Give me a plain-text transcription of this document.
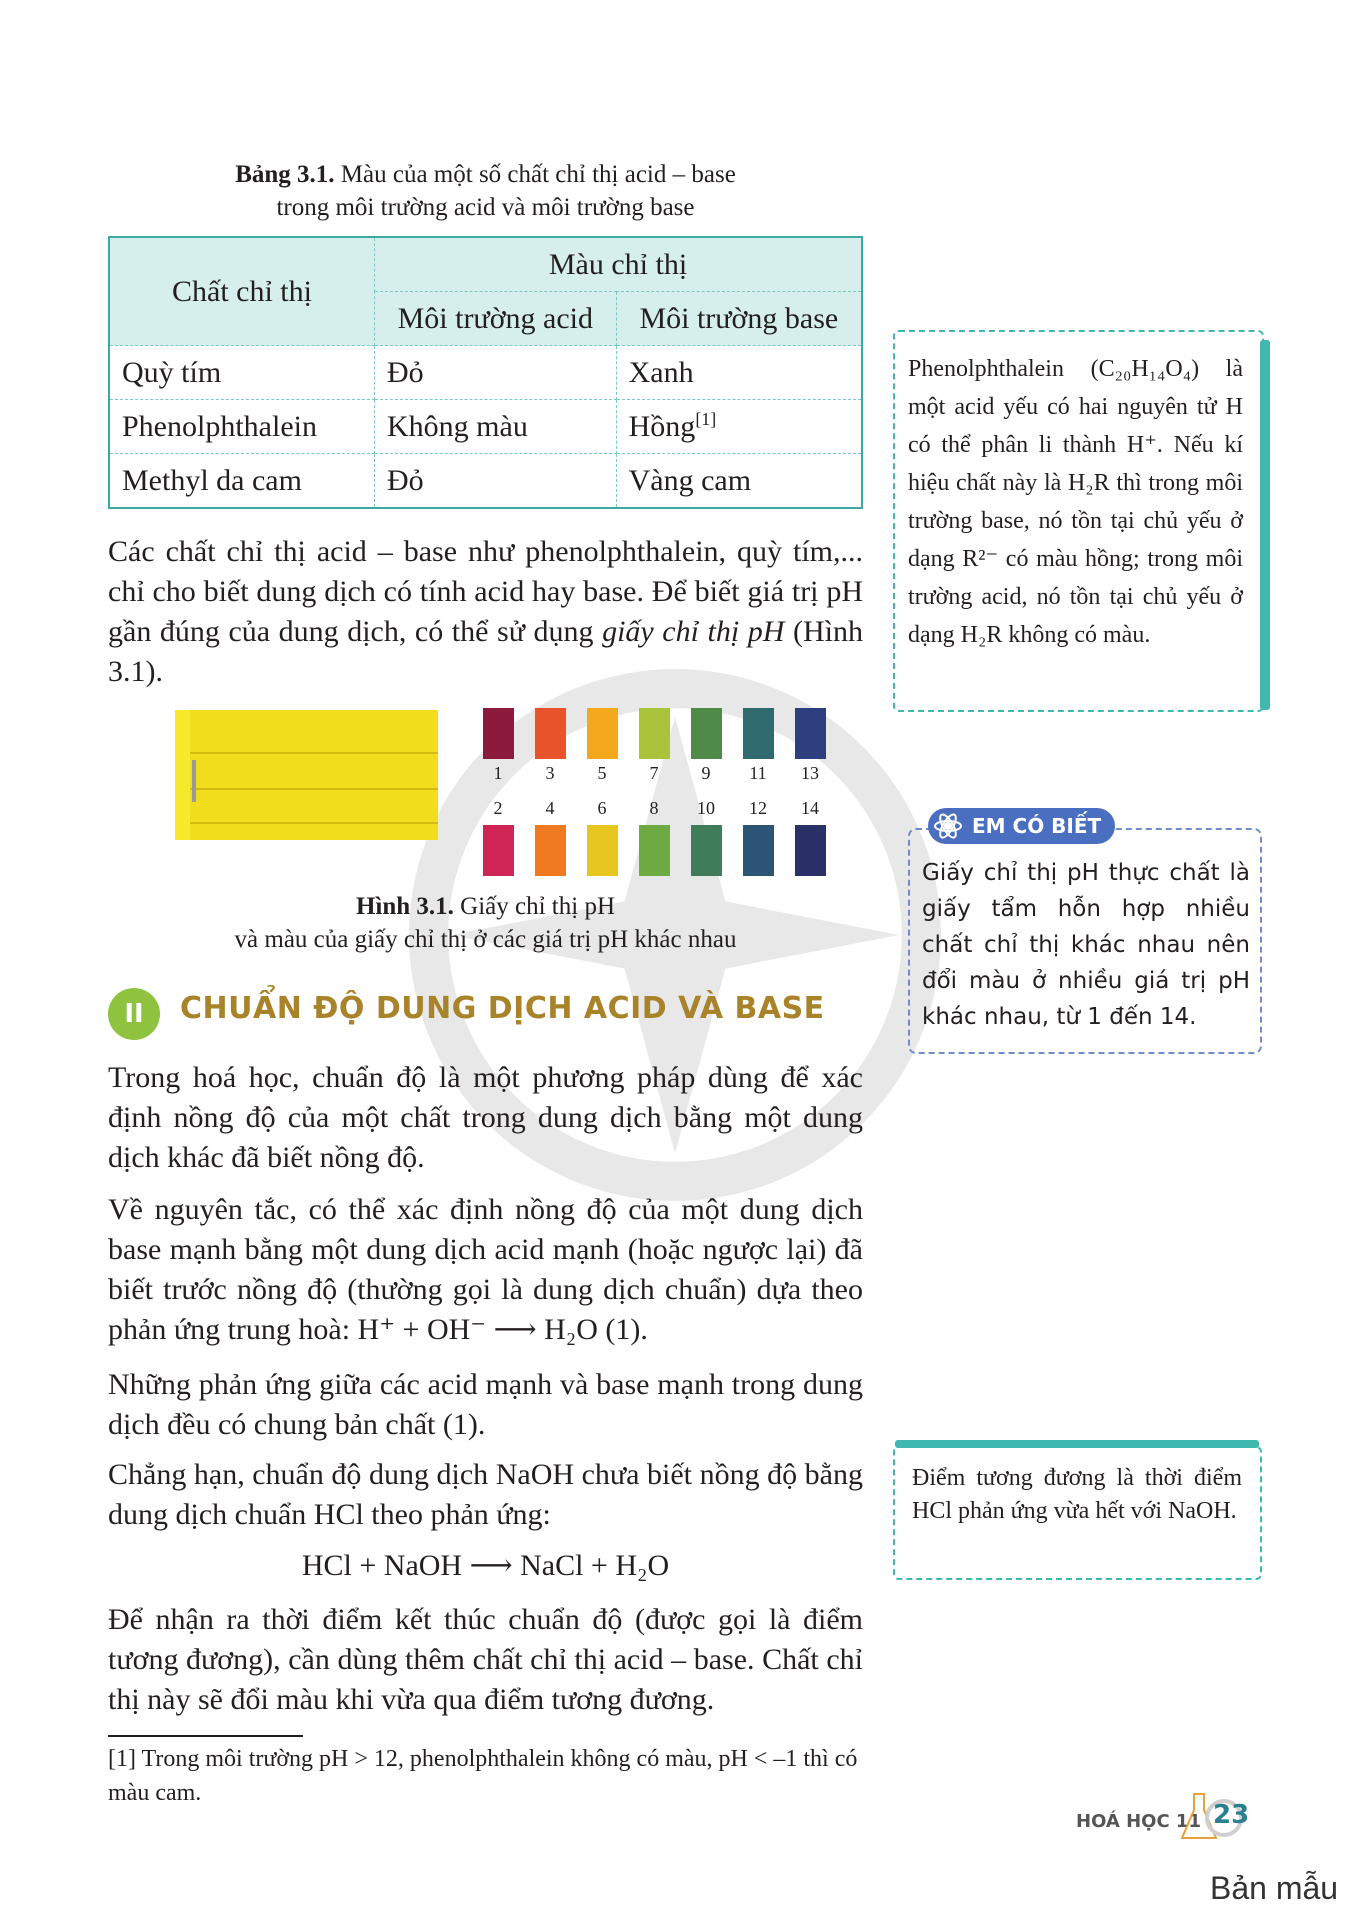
Bảng 3.1. Màu của một số chất chỉ thị acid – base
trong môi trường acid và môi trường base
Chất chỉ thị	Màu chỉ thị	
	Môi trường acid	Môi trường base
Quỳ tím	Đỏ	Xanh
Phenolphthalein	Không màu	Hồng[1]
Methyl da cam	Đỏ	Vàng cam

Các chất chỉ thị acid – base như phenolphthalein, quỳ tím,... chỉ cho biết dung dịch có tính acid hay base. Để biết giá trị pH gần đúng của dung dịch, có thể sử dụng giấy chỉ thị pH (Hình 3.1).

1	3	5	7	9	11	13
2	4	6	8	10	12	14
Hình 3.1. Giấy chỉ thị pH
và màu của giấy chỉ thị ở các giá trị pH khác nhau
II	CHUẨN ĐỘ DUNG DỊCH ACID VÀ BASE

Trong hoá học, chuẩn độ là một phương pháp dùng để xác định nồng độ của một chất trong dung dịch bằng một dung dịch khác đã biết nồng độ.

Về nguyên tắc, có thể xác định nồng độ của một dung dịch base mạnh bằng một dung dịch acid mạnh (hoặc ngược lại) đã biết trước nồng độ (thường gọi là dung dịch chuẩn) dựa theo phản ứng trung hoà: H⁺ + OH⁻ ⟶ H₂O (1).

Những phản ứng giữa các acid mạnh và base mạnh trong dung dịch đều có chung bản chất (1).

Chẳng hạn, chuẩn độ dung dịch NaOH chưa biết nồng độ bằng dung dịch chuẩn HCl theo phản ứng:

HCl + NaOH ⟶ NaCl + H₂O

Để nhận ra thời điểm kết thúc chuẩn độ (được gọi là điểm tương đương), cần dùng thêm chất chỉ thị acid – base. Chất chỉ thị này sẽ đổi màu khi vừa qua điểm tương đương.

[1] Trong môi trường pH > 12, phenolphthalein không có màu, pH < –1 thì có màu cam.
Phenolphthalein (C₂₀H₁₄O₄) là một acid yếu có hai nguyên tử H có thể phân li thành H⁺. Nếu kí hiệu chất này là H₂R thì trong môi trường base, nó tồn tại chủ yếu ở dạng R²⁻ có màu hồng; trong môi trường acid, nó tồn tại chủ yếu ở dạng H₂R không có màu.
EM CÓ BIẾT
Giấy chỉ thị pH thực chất là giấy tẩm hỗn hợp nhiều chất chỉ thị khác nhau nên đổi màu ở nhiều giá trị pH khác nhau, từ 1 đến 14.
Điểm tương đương là thời điểm HCl phản ứng vừa hết với NaOH.
HOÁ HỌC 11 23
Bản mẫu
